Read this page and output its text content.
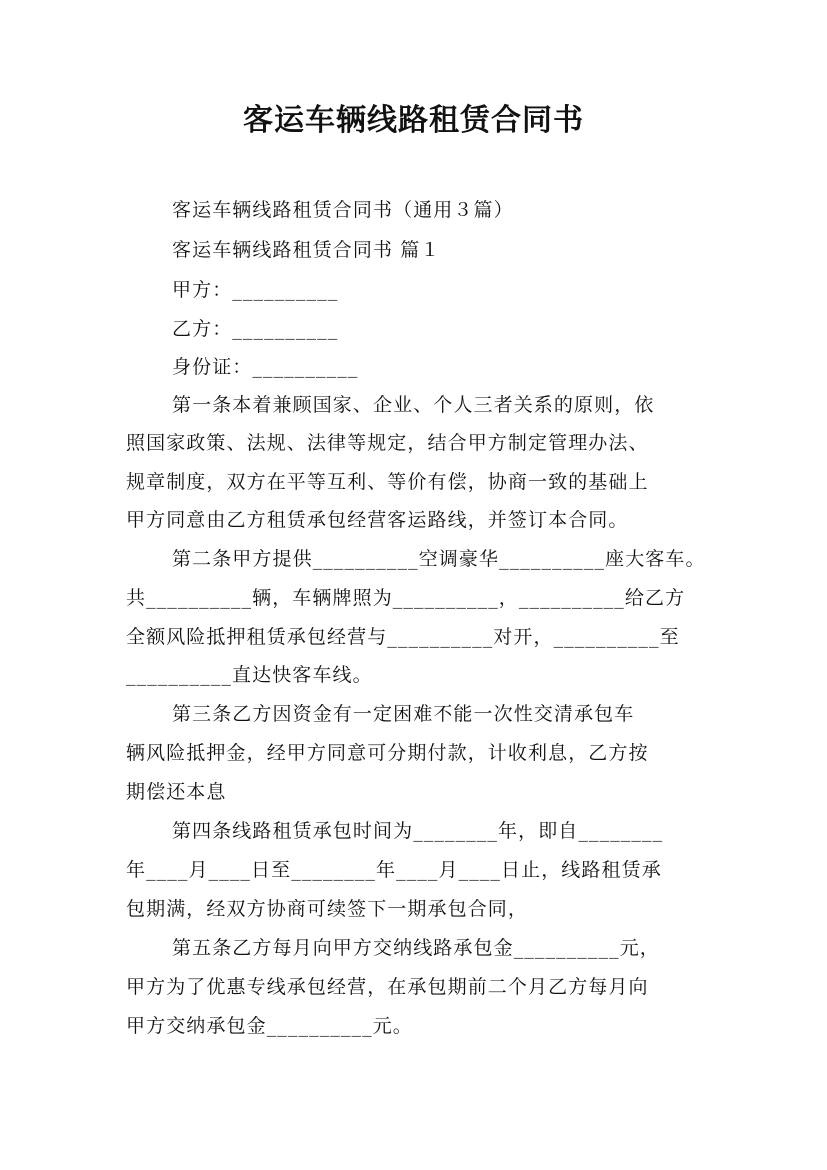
客运车辆线路租赁合同书

客运车辆线路租赁合同书（通用３篇）

客运车辆线路租赁合同书 篇１

甲方：__________

乙方：__________

身份证：__________

第一条本着兼顾国家、企业、个人三者关系的原则，依

照国家政策、法规、法律等规定，结合甲方制定管理办法、

规章制度，双方在平等互利、等价有偿，协商一致的基础上

甲方同意由乙方租赁承包经营客运路线，并签订本合同。

第二条甲方提供__________空调豪华__________座大客车。

共__________辆，车辆牌照为__________，__________给乙方

全额风险抵押租赁承包经营与__________对开，__________至

__________直达快客车线。

第三条乙方因资金有一定困难不能一次性交清承包车

辆风险抵押金，经甲方同意可分期付款，计收利息，乙方按

期偿还本息

第四条线路租赁承包时间为________年，即自________

年____月____日至________年____月____日止，线路租赁承

包期满，经双方协商可续签下一期承包合同，

第五条乙方每月向甲方交纳线路承包金__________元，

甲方为了优惠专线承包经营，在承包期前二个月乙方每月向

甲方交纳承包金__________元。
